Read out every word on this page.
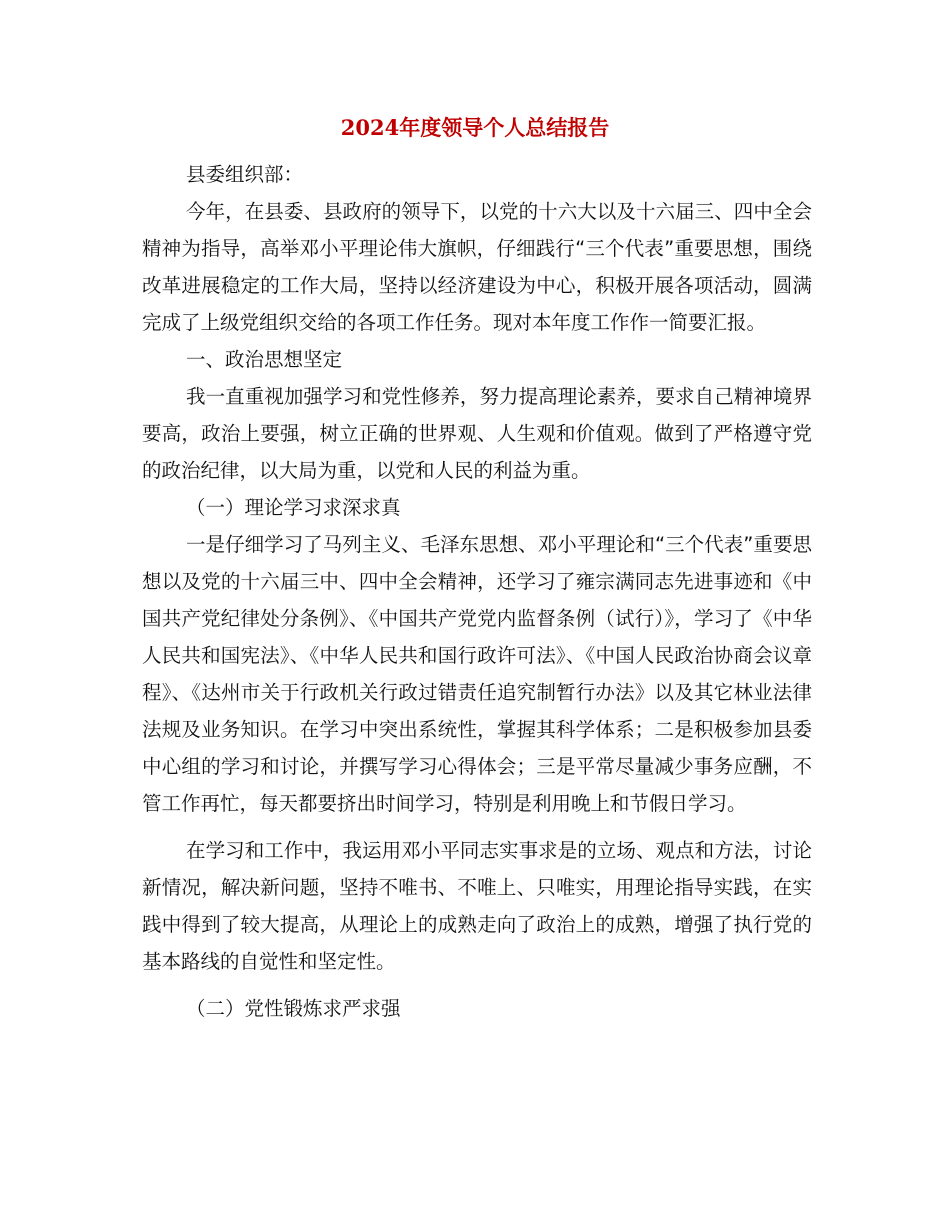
2024年度领导个人总结报告

县委组织部：

今年，在县委、县政府的领导下，以党的十六大以及十六届三、四中全会精神为指导，高举邓小平理论伟大旗帜，仔细践行“三个代表”重要思想，围绕改革进展稳定的工作大局，坚持以经济建设为中心，积极开展各项活动，圆满完成了上级党组织交给的各项工作任务。现对本年度工作作一简要汇报。

一、政治思想坚定

我一直重视加强学习和党性修养，努力提高理论素养，要求自己精神境界要高，政治上要强，树立正确的世界观、人生观和价值观。做到了严格遵守党的政治纪律，以大局为重，以党和人民的利益为重。

（一）理论学习求深求真

一是仔细学习了马列主义、毛泽东思想、邓小平理论和“三个代表”重要思想以及党的十六届三中、四中全会精神，还学习了雍宗满同志先进事迹和《中国共产党纪律处分条例》、《中国共产党党内监督条例（试行）》，学习了《中华人民共和国宪法》、《中华人民共和国行政许可法》、《中国人民政治协商会议章程》、《达州市关于行政机关行政过错责任追究制暂行办法》以及其它林业法律法规及业务知识。在学习中突出系统性，掌握其科学体系；二是积极参加县委中心组的学习和讨论，并撰写学习心得体会；三是平常尽量减少事务应酬，不管工作再忙，每天都要挤出时间学习，特别是利用晚上和节假日学习。

在学习和工作中，我运用邓小平同志实事求是的立场、观点和方法，讨论新情况，解决新问题，坚持不唯书、不唯上、只唯实，用理论指导实践，在实践中得到了较大提高，从理论上的成熟走向了政治上的成熟，增强了执行党的基本路线的自觉性和坚定性。

（二）党性锻炼求严求强
